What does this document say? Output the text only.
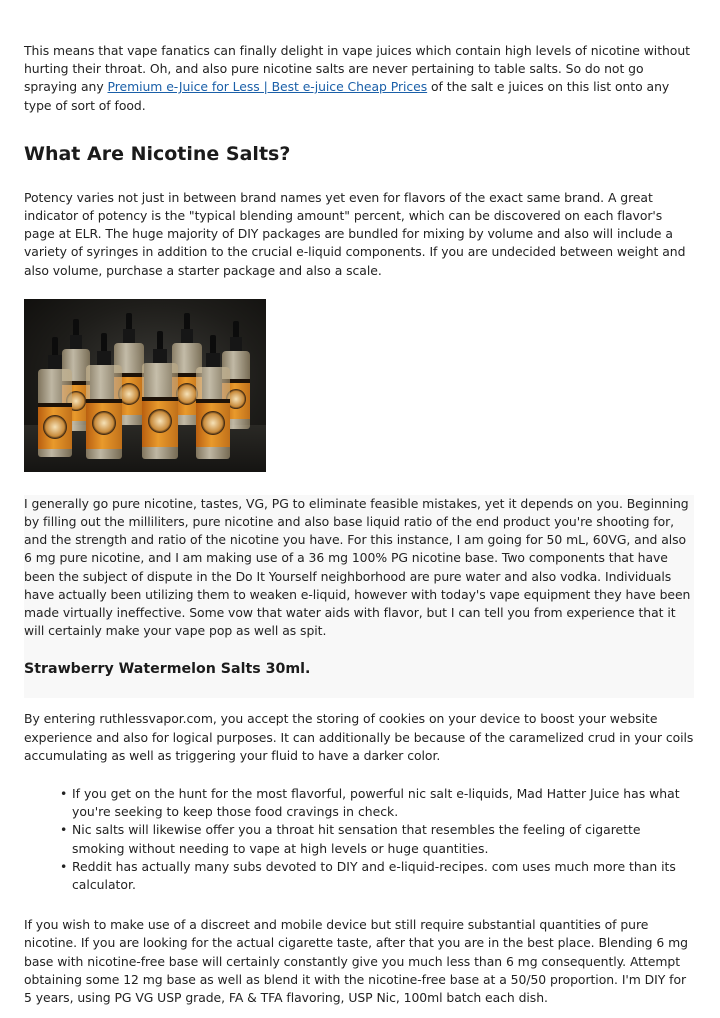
This means that vape fanatics can finally delight in vape juices which contain high levels of nicotine without hurting their throat. Oh, and also pure nicotine salts are never pertaining to table salts. So do not go spraying any Premium e-Juice for Less | Best e-juice Cheap Prices of the salt e juices on this list onto any type of sort of food.

What Are Nicotine Salts?

Potency varies not just in between brand names yet even for flavors of the exact same brand. A great indicator of potency is the "typical blending amount" percent, which can be discovered on each flavor's page at ELR. The huge majority of DIY packages are bundled for mixing by volume and also will include a variety of syringes in addition to the crucial e-liquid components. If you are undecided between weight and also volume, purchase a starter package and also a scale.

I generally go pure nicotine, tastes, VG, PG to eliminate feasible mistakes, yet it depends on you. Beginning by filling out the milliliters, pure nicotine and also base liquid ratio of the end product you're shooting for, and the strength and ratio of the nicotine you have. For this instance, I am going for 50 mL, 60VG, and also 6 mg pure nicotine, and I am making use of a 36 mg 100% PG nicotine base. Two components that have been the subject of dispute in the Do It Yourself neighborhood are pure water and also vodka. Individuals have actually been utilizing them to weaken e-liquid, however with today's vape equipment they have been made virtually ineffective. Some vow that water aids with flavor, but I can tell you from experience that it will certainly make your vape pop as well as spit.

Strawberry Watermelon Salts 30ml.

By entering ruthlessvapor.com, you accept the storing of cookies on your device to boost your website experience and also for logical purposes. It can additionally be because of the caramelized crud in your coils accumulating as well as triggering your fluid to have a darker color.

• If you get on the hunt for the most flavorful, powerful nic salt e-liquids, Mad Hatter Juice has what you're seeking to keep those food cravings in check.
• Nic salts will likewise offer you a throat hit sensation that resembles the feeling of cigarette smoking without needing to vape at high levels or huge quantities.
• Reddit has actually many subs devoted to DIY and e-liquid-recipes. com uses much more than its calculator.

If you wish to make use of a discreet and mobile device but still require substantial quantities of pure nicotine. If you are looking for the actual cigarette taste, after that you are in the best place. Blending 6 mg base with nicotine-free base will certainly constantly give you much less than 6 mg consequently. Attempt obtaining some 12 mg base as well as blend it with the nicotine-free base at a 50/50 proportion. I'm DIY for 5 years, using PG VG USP grade, FA & TFA flavoring, USP Nic, 100ml batch each dish.
